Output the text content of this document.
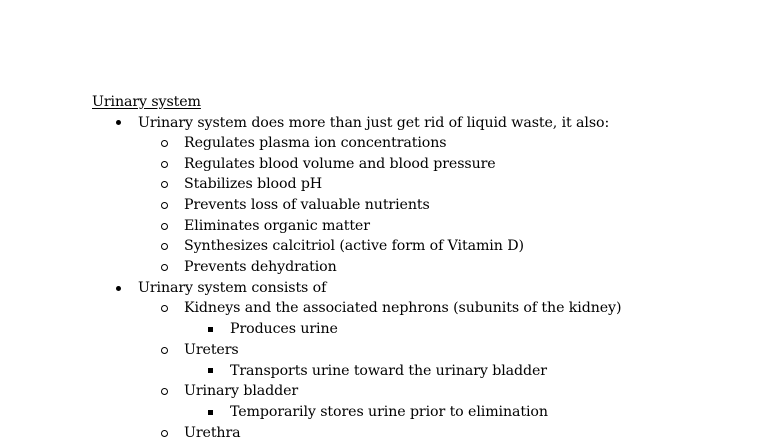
Urinary system
Urinary system does more than just get rid of liquid waste, it also:
Regulates plasma ion concentrations
Regulates blood volume and blood pressure
Stabilizes blood pH
Prevents loss of valuable nutrients
Eliminates organic matter
Synthesizes calcitriol (active form of Vitamin D)
Prevents dehydration
Urinary system consists of
Kidneys and the associated nephrons (subunits of the kidney)
Produces urine
Ureters
Transports urine toward the urinary bladder
Urinary bladder
Temporarily stores urine prior to elimination
Urethra
